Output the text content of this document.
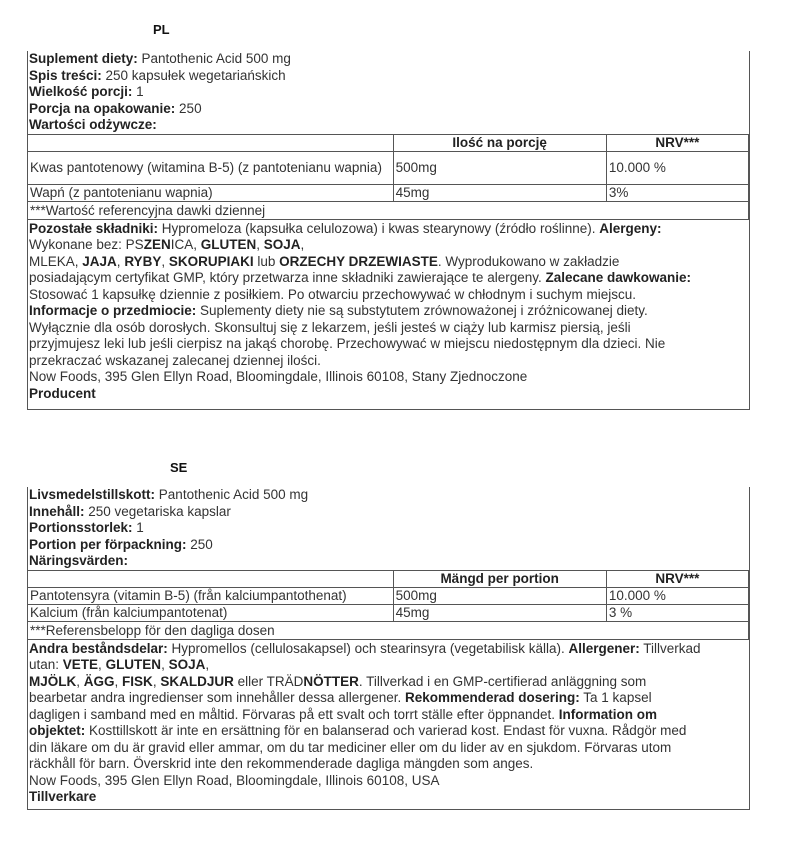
PL
Suplement diety: Pantothenic Acid 500 mg
Spis treści: 250 kapsułek wegetariańskich
Wielkość porcji: 1
Porcja na opakowanie: 250
Wartości odżywcze:
	Ilość na porcję	NRV***
Kwas pantotenowy (witamina B-5) (z pantotenianu wapnia)	500mg	10.000 %
Wapń (z pantotenianu wapnia)	45mg	3%
***Wartość referencyjna dawki dziennej		
Pozostałe składniki: Hypromeloza (kapsułka celulozowa) i kwas stearynowy (źródło roślinne). Alergeny:
Wykonane bez: PSZENICA, GLUTEN, SOJA,
MLEKA, JAJA, RYBY, SKORUPIAKI lub ORZECHY DRZEWIASTE. Wyprodukowano w zakładzie
posiadającym certyfikat GMP, który przetwarza inne składniki zawierające te alergeny. Zalecane dawkowanie:
Stosować 1 kapsułkę dziennie z posiłkiem. Po otwarciu przechowywać w chłodnym i suchym miejscu.
Informacje o przedmiocie: Suplementy diety nie są substytutem zrównoważonej i zróżnicowanej diety.
Wyłącznie dla osób dorosłych. Skonsultuj się z lekarzem, jeśli jesteś w ciąży lub karmisz piersią, jeśli
przyjmujesz leki lub jeśli cierpisz na jakąś chorobę. Przechowywać w miejscu niedostępnym dla dzieci. Nie
przekraczać wskazanej zalecanej dziennej ilości.
Now Foods, 395 Glen Ellyn Road, Bloomingdale, Illinois 60108, Stany Zjednoczone
Producent
SE
Livsmedelstillskott: Pantothenic Acid 500 mg
Innehåll: 250 vegetariska kapslar
Portionsstorlek: 1
Portion per förpackning: 250
Näringsvärden:
	Mängd per portion	NRV***
Pantotensyra (vitamin B-5) (från kalciumpantothenat)	500mg	10.000 %
Kalcium (från kalciumpantotenat)	45mg	3 %
***Referensbelopp för den dagliga dosen		
Andra beståndsdelar: Hypromellos (cellulosakapsel) och stearinsyra (vegetabilisk källa). Allergener: Tillverkad
utan: VETE, GLUTEN, SOJA,
MJÖLK, ÄGG, FISK, SKALDJUR eller TRÄDNÖTTER. Tillverkad i en GMP-certifierad anläggning som
bearbetar andra ingredienser som innehåller dessa allergener. Rekommenderad dosering: Ta 1 kapsel
dagligen i samband med en måltid. Förvaras på ett svalt och torrt ställe efter öppnandet. Information om
objektet: Kosttillskott är inte en ersättning för en balanserad och varierad kost. Endast för vuxna. Rådgör med
din läkare om du är gravid eller ammar, om du tar mediciner eller om du lider av en sjukdom. Förvaras utom
räckhåll för barn. Överskrid inte den rekommenderade dagliga mängden som anges.
Now Foods, 395 Glen Ellyn Road, Bloomingdale, Illinois 60108, USA
Tillverkare
